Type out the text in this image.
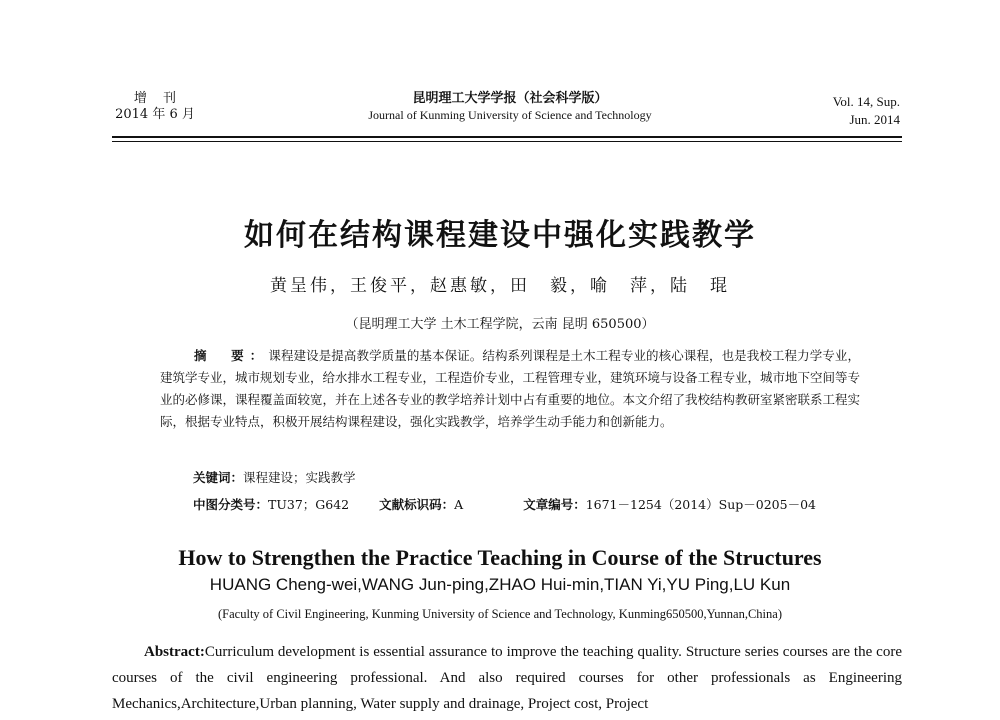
增 刊
2014 年 6 月
昆明理工大学学报（社会科学版）
Journal of Kunming University of Science and Technology
Vol. 14, Sup.
Jun. 2014
如何在结构课程建设中强化实践教学
黄呈伟，王俊平，赵惠敏，田　毅，喻　萍，陆　琨
（昆明理工大学 土木工程学院，云南 昆明 650500）
摘　要：课程建设是提高教学质量的基本保证。结构系列课程是土木工程专业的核心课程，也是我校工程力学专业，建筑学专业，城市规划专业，给水排水工程专业，工程造价专业，工程管理专业，建筑环境与设备工程专业，城市地下空间等专业的必修课，课程覆盖面较宽，并在上述各专业的教学培养计划中占有重要的地位。本文介绍了我校结构教研室紧密联系工程实际，根据专业特点，积极开展结构课程建设，强化实践教学，培养学生动手能力和创新能力。
关键词：课程建设；实践教学
中图分类号：TU37；G642 文献标识码：A	文章编号：1671－1254（2014）Sup－0205－04
How to Strengthen the Practice Teaching in Course of the Structures
HUANG Cheng-wei,WANG Jun-ping,ZHAO Hui-min,TIAN Yi,YU Ping,LU Kun
(Faculty of Civil Engineering, Kunming University of Science and Technology, Kunming650500,Yunnan,China)
Abstract:Curriculum development is essential assurance to improve the teaching quality. Structure series courses are the core courses of the civil engineering professional. And also required courses for other professionals as Engineering Mechanics,Architecture,Urban planning, Water supply and drainage, Project cost, Project
